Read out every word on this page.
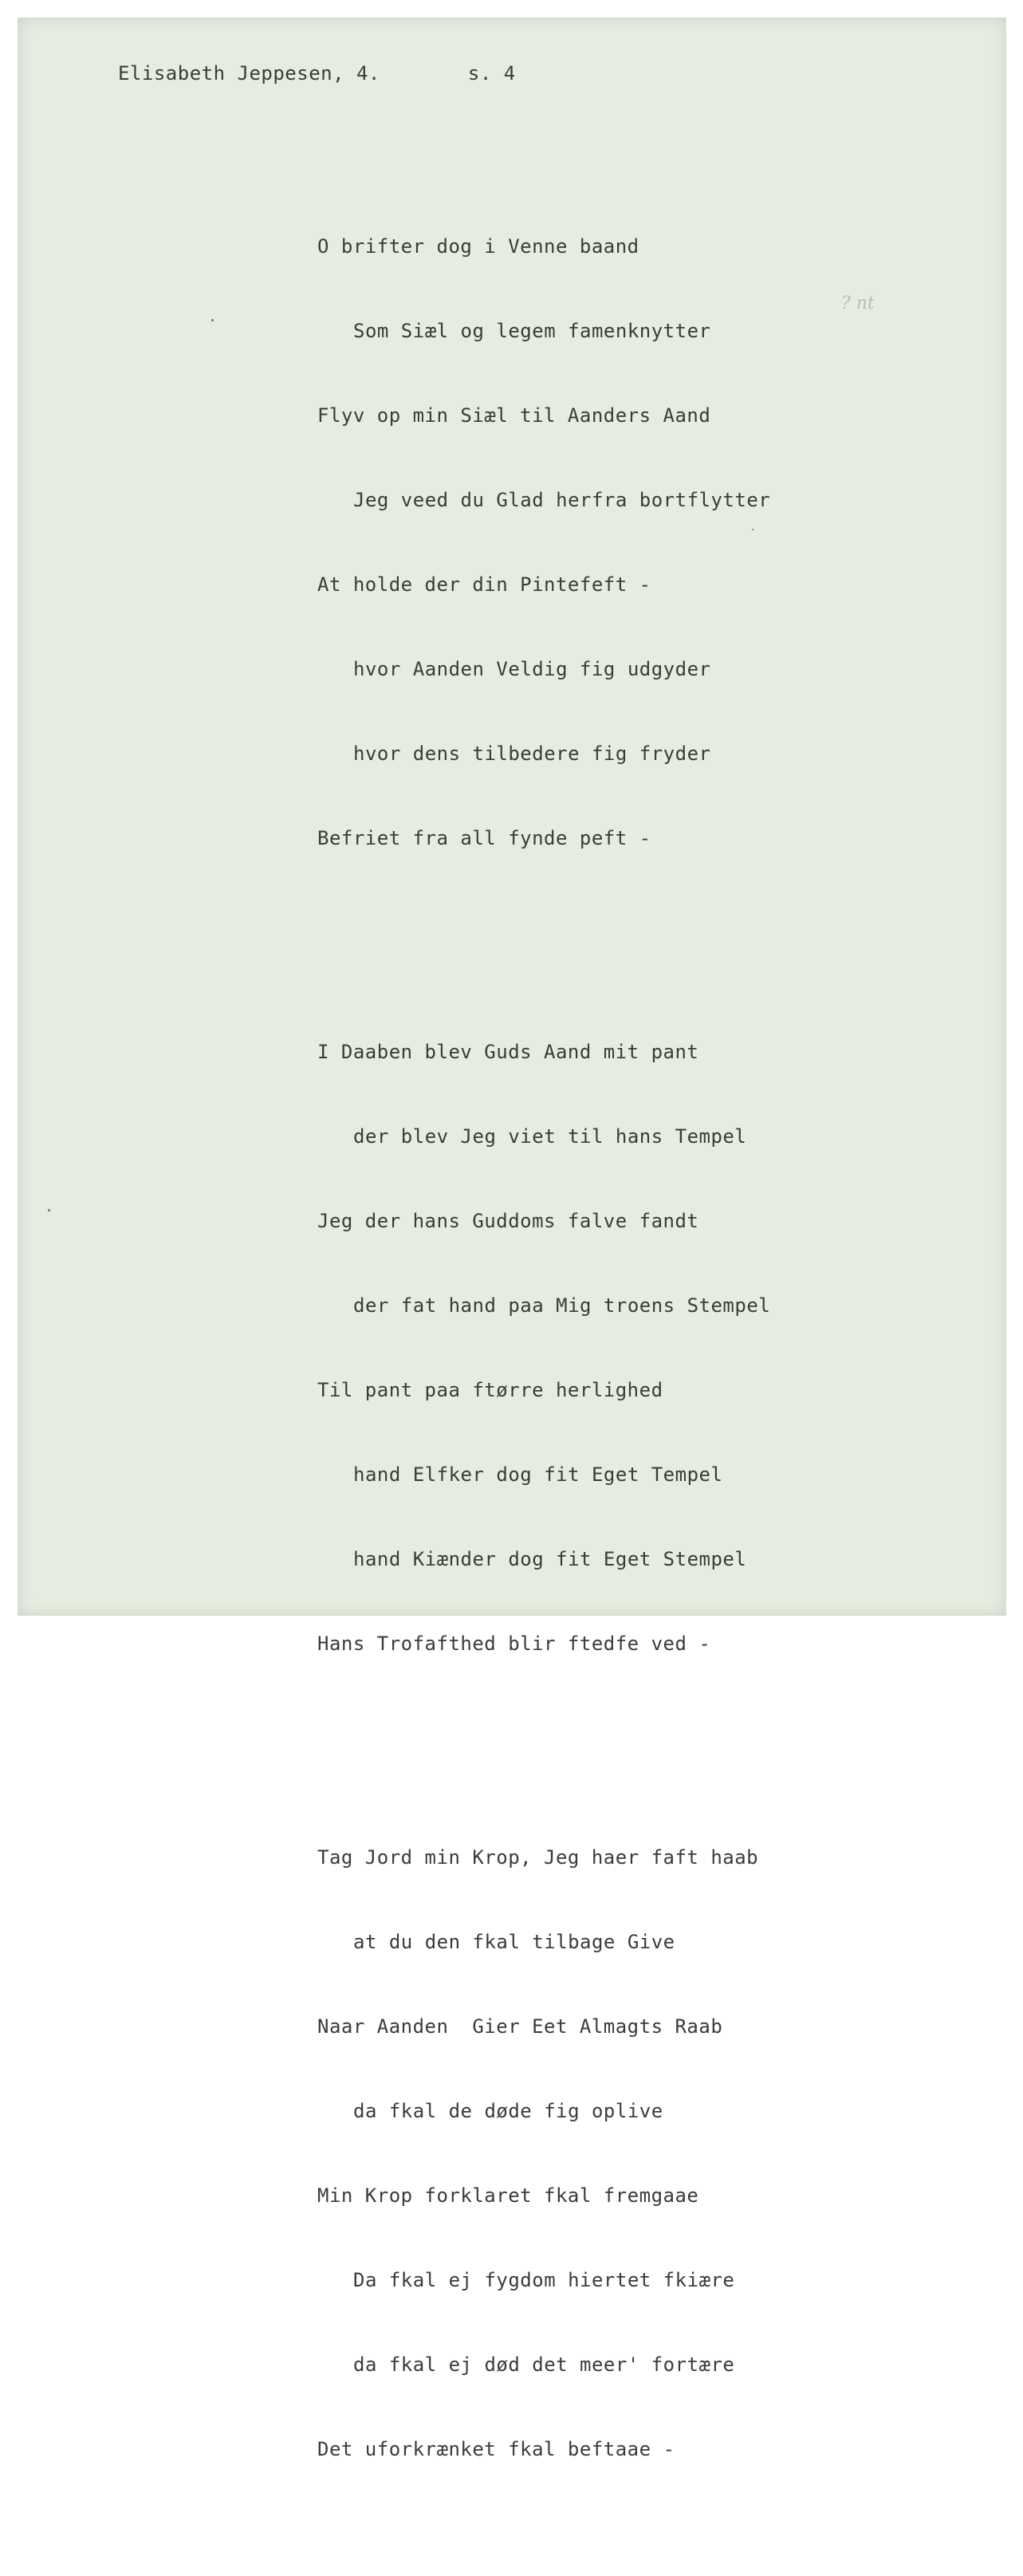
Elisabeth Jeppesen, 4.	s. 4
? nt

O brifter dog i Venne baand

Som Siæl og legem famenknytter

Flyv op min Siæl til Aanders Aand

Jeg veed du Glad herfra bortflytter

At holde der din Pintefeft -

hvor Aanden Veldig fig udgyder

hvor dens tilbedere fig fryder

Befriet fra all fynde peft -

I Daaben blev Guds Aand mit pant

der blev Jeg viet til hans Tempel

Jeg der hans Guddoms falve fandt

der fat hand paa Mig troens Stempel

Til pant paa ftørre herlighed

hand Elfker dog fit Eget Tempel

hand Kiænder dog fit Eget Stempel

Hans Trofafthed blir ftedfe ved -

Tag Jord min Krop, Jeg haer faft haab

at du den fkal tilbage Give

Naar Aanden  Gier Eet Almagts Raab

da fkal de døde fig oplive

Min Krop forklaret fkal fremgaae

Da fkal ej fygdom hiertet fkiære

da fkal ej død det meer' fortære

Det uforkrænket fkal beftaae -
